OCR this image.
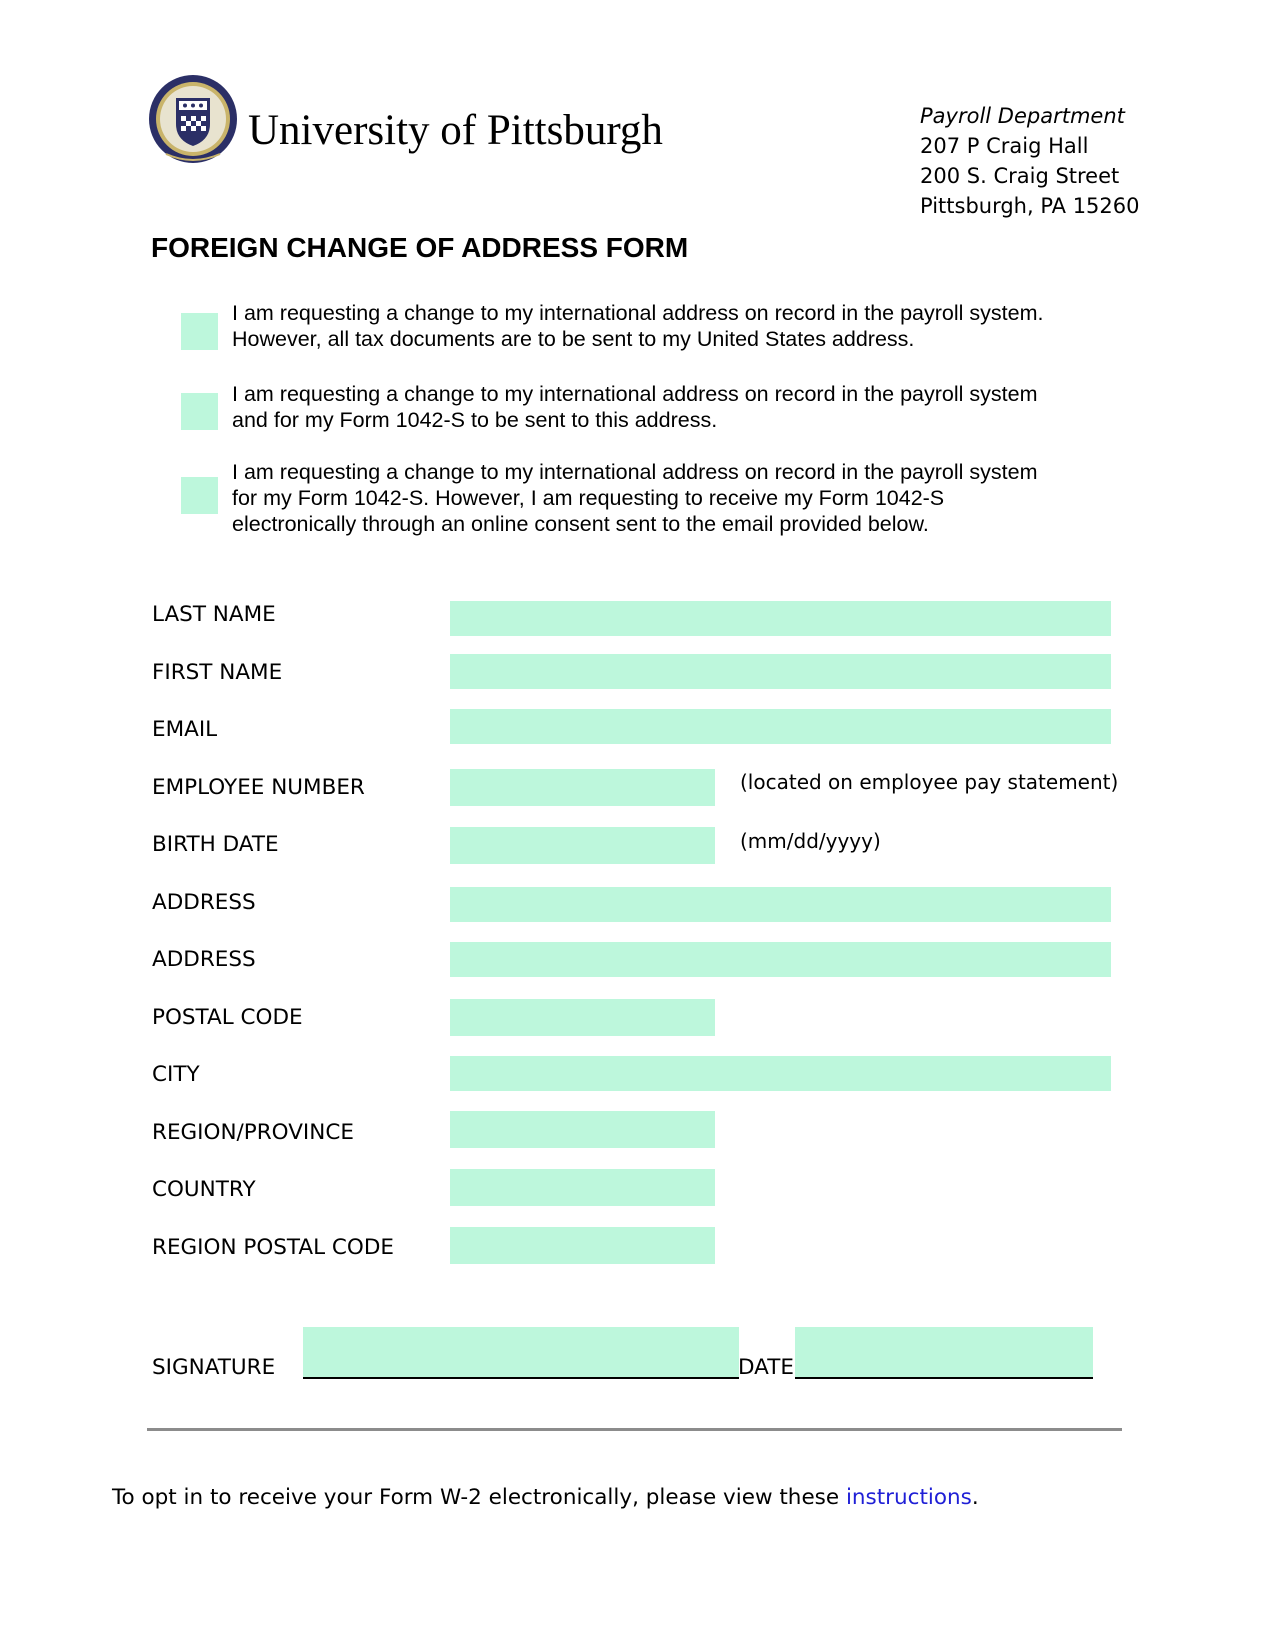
University of Pittsburgh	Payroll Department
207 P Craig Hall
200 S. Craig Street
Pittsburgh, PA 15260
FOREIGN CHANGE OF ADDRESS FORM
I am requesting a change to my international address on record in the payroll system.
However, all tax documents are to be sent to my United States address.
I am requesting a change to my international address on record in the payroll system
and for my Form 1042-S to be sent to this address.
I am requesting a change to my international address on record in the payroll system
for my Form 1042-S. However, I am requesting to receive my Form 1042-S
electronically through an online consent sent to the email provided below.
LAST NAME
FIRST NAME
EMAIL
EMPLOYEE NUMBER	(located on employee pay statement)
BIRTH DATE	(mm/dd/yyyy)
ADDRESS
ADDRESS
POSTAL CODE
CITY
REGION/PROVINCE
COUNTRY
REGION POSTAL CODE
SIGNATURE	DATE
To opt in to receive your Form W-2 electronically, please view these instructions.
